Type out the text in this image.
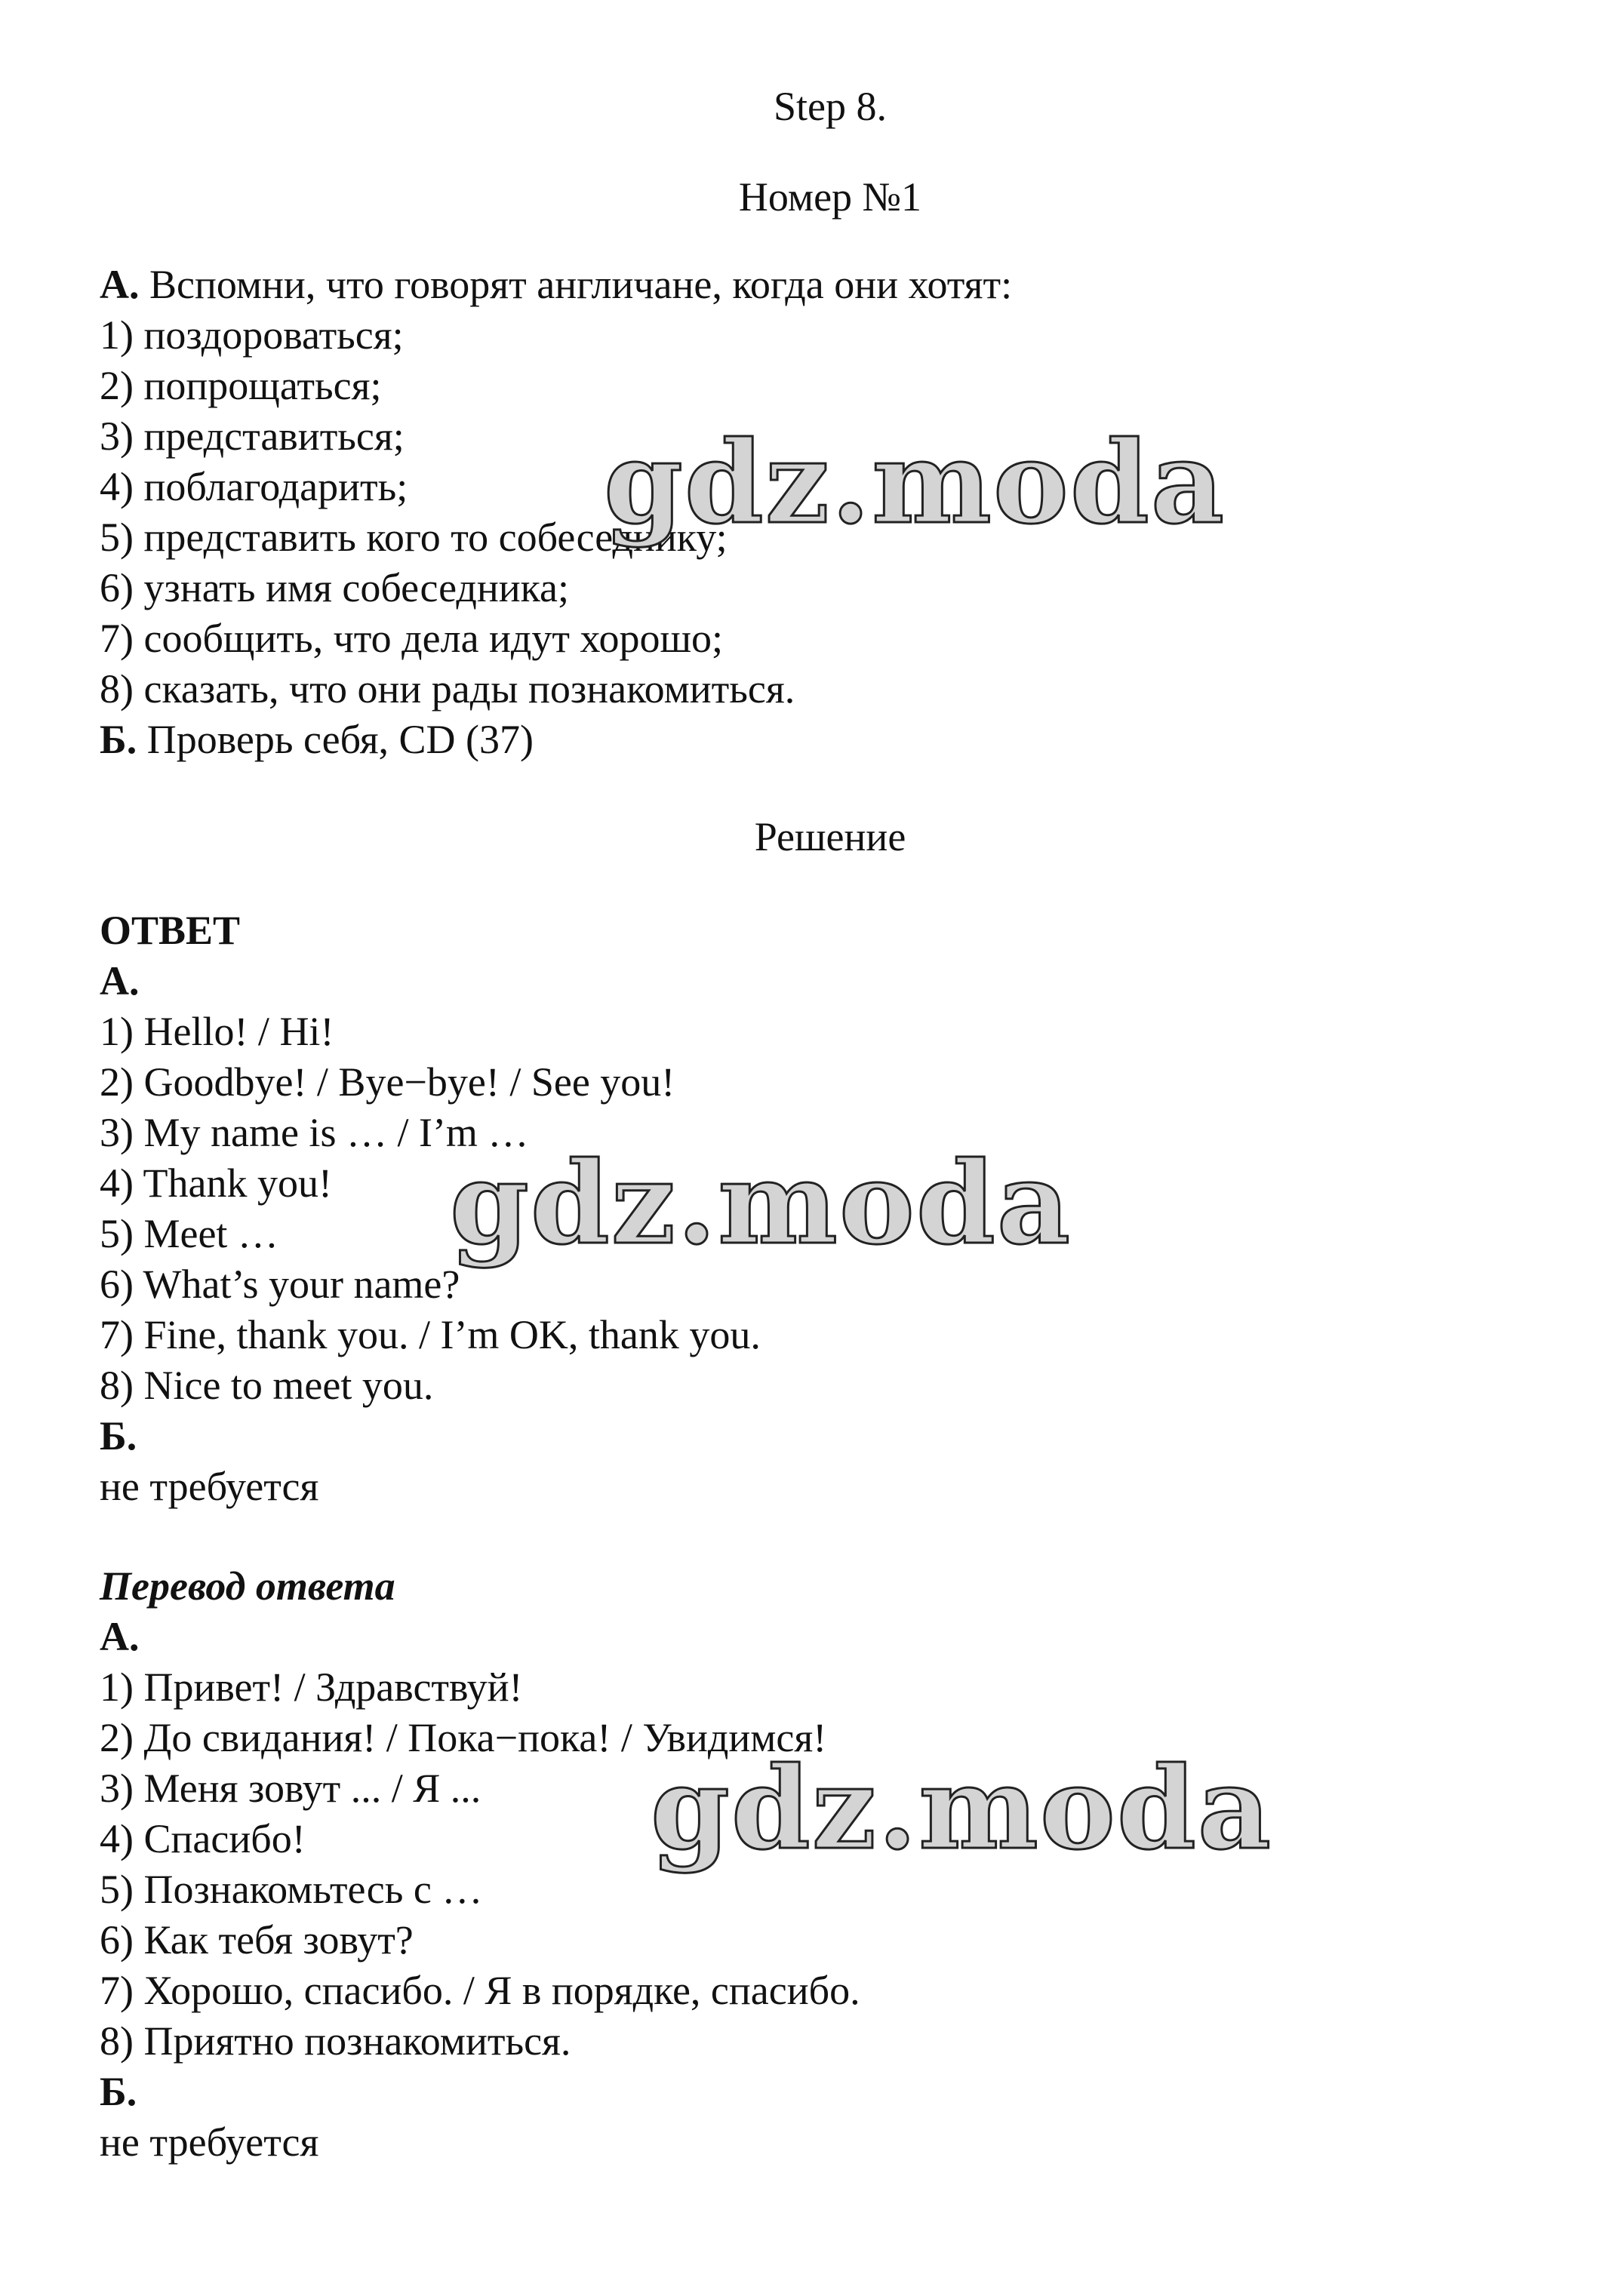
Step 8.
Номер №1
А. Вспомни, что говорят англичане, когда они хотят:
1) поздороваться;
2) попрощаться;
3) представиться;
4) поблагодарить;
5) представить кого то собеседнику;
6) узнать имя собеседника;
7) сообщить, что дела идут хорошо;
8) сказать, что они рады познакомиться.
Б. Проверь себя, CD (37)
Решение
ОТВЕТ
А.
1) Hello! / Hi!
2) Goodbye! / Bye−bye! / See you!
3) My name is … / I’m …
4) Thank you!
5) Meet …
6) What’s your name?
7) Fine, thank you. / I’m OK, thank you.
8) Nice to meet you.
Б.
не требуется
Перевод ответа
А.
1) Привет! / Здравствуй!
2) До свидания! / Пока−пока! / Увидимся!
3) Меня зовут ... / Я ...
4) Спасибо!
5) Познакомьтесь с …
6) Как тебя зовут?
7) Хорошо, спасибо. / Я в порядке, спасибо.
8) Приятно познакомиться.
Б.
не требуется
gdz.moda
gdz.moda
gdz.moda
